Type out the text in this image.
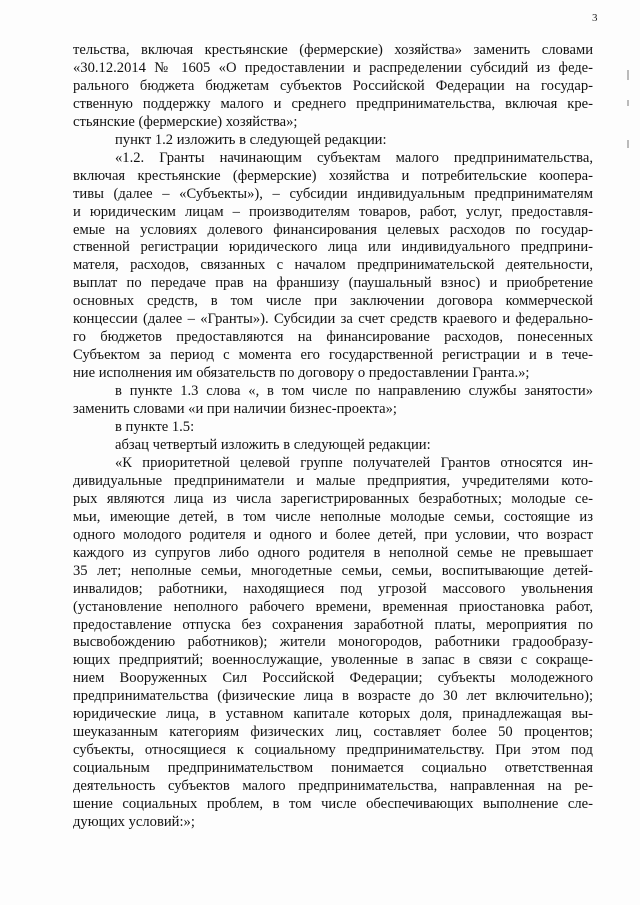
3
тельства, включая крестьянские (фермерские) хозяйства» заменить словами
«30.12.2014 № 1605 «О предоставлении и распределении субсидий из феде-
рального бюджета бюджетам субъектов Российской Федерации на государ-
ственную поддержку малого и среднего предпринимательства, включая кре-
стьянские (фермерские) хозяйства»;
пункт 1.2 изложить в следующей редакции:
«1.2. Гранты начинающим субъектам малого предпринимательства,
включая крестьянские (фермерские) хозяйства и потребительские коопера-
тивы (далее – «Субъекты»), – субсидии индивидуальным предпринимателям
и юридическим лицам – производителям товаров, работ, услуг, предоставля-
емые на условиях долевого финансирования целевых расходов по государ-
ственной регистрации юридического лица или индивидуального предприни-
мателя, расходов, связанных с началом предпринимательской деятельности,
выплат по передаче прав на франшизу (паушальный взнос) и приобретение
основных средств, в том числе при заключении договора коммерческой
концессии (далее – «Гранты»). Субсидии за счет средств краевого и федерально-
го бюджетов предоставляются на финансирование расходов, понесенных
Субъектом за период с момента его государственной регистрации и в тече-
ние исполнения им обязательств по договору о предоставлении Гранта.»;
в пункте 1.3 слова «, в том числе по направлению службы занятости»
заменить словами «и при наличии бизнес-проекта»;
в пункте 1.5:
абзац четвертый изложить в следующей редакции:
«К приоритетной целевой группе получателей Грантов относятся ин-
дивидуальные предприниматели и малые предприятия, учредителями кото-
рых являются лица из числа зарегистрированных безработных; молодые се-
мьи, имеющие детей, в том числе неполные молодые семьи, состоящие из
одного молодого родителя и одного и более детей, при условии, что возраст
каждого из супругов либо одного родителя в неполной семье не превышает
35 лет; неполные семьи, многодетные семьи, семьи, воспитывающие детей-
инвалидов; работники, находящиеся под угрозой массового увольнения
(установление неполного рабочего времени, временная приостановка работ,
предоставление отпуска без сохранения заработной платы, мероприятия по
высвобождению работников); жители моногородов, работники градообразу-
ющих предприятий; военнослужащие, уволенные в запас в связи с сокраще-
нием Вооруженных Сил Российской Федерации; субъекты молодежного
предпринимательства (физические лица в возрасте до 30 лет включительно);
юридические лица, в уставном капитале которых доля, принадлежащая вы-
шеуказанным категориям физических лиц, составляет более 50 процентов;
субъекты, относящиеся к социальному предпринимательству. При этом под
социальным предпринимательством понимается социально ответственная
деятельность субъектов малого предпринимательства, направленная на ре-
шение социальных проблем, в том числе обеспечивающих выполнение сле-
дующих условий:»;
